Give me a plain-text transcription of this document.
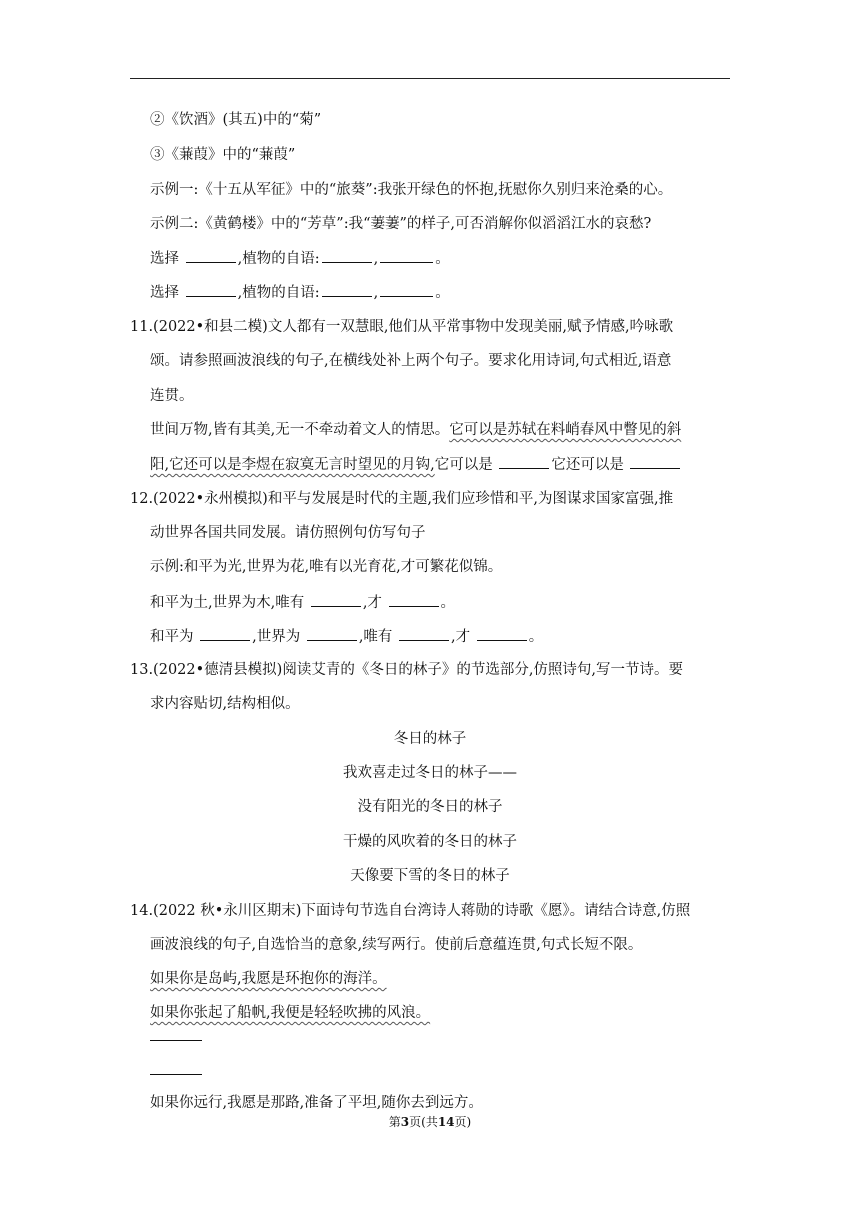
②《饮酒》(其五)中的“菊”
③《蒹葭》中的“蒹葭”
示例一:《十五从军征》中的“旅葵”:我张开绿色的怀抱,抚慰你久别归来沧桑的心。
示例二:《黄鹤楼》中的“芳草”:我“萋萋”的样子,可否消解你似滔滔江水的哀愁?
选择	,植物的自语:	,	。
选择	,植物的自语:	,	。
11.(2022•和县二模)文人都有一双慧眼,他们从平常事物中发现美丽,赋予情感,吟咏歌
颂。请参照画波浪线的句子,在横线处补上两个句子。要求化用诗词,句式相近,语意
连贯。
世间万物,皆有其美,无一不牵动着文人的情思。它可以是苏轼在料峭春风中瞥见的斜
阳,它还可以是李煜在寂寞无言时望见的月钩,它可以是	它还可以是
12.(2022•永州模拟)和平与发展是时代的主题,我们应珍惜和平,为图谋求国家富强,推
动世界各国共同发展。请仿照例句仿写句子
示例:和平为光,世界为花,唯有以光育花,才可繁花似锦。
和平为土,世界为木,唯有	,才	。
和平为	,世界为	,唯有	,才	。
13.(2022•德清县模拟)阅读艾青的《冬日的林子》的节选部分,仿照诗句,写一节诗。要
求内容贴切,结构相似。
冬日的林子
我欢喜走过冬日的林子——
没有阳光的冬日的林子
干燥的风吹着的冬日的林子
天像要下雪的冬日的林子
14.(2022 秋•永川区期末)下面诗句节选自台湾诗人蒋勋的诗歌《愿》。请结合诗意,仿照
画波浪线的句子,自选恰当的意象,续写两行。使前后意蕴连贯,句式长短不限。
如果你是岛屿,我愿是环抱你的海洋。
如果你张起了船帆,我便是轻轻吹拂的风浪。
如果你远行,我愿是那路,准备了平坦,随你去到远方。
第3页(共14页)
